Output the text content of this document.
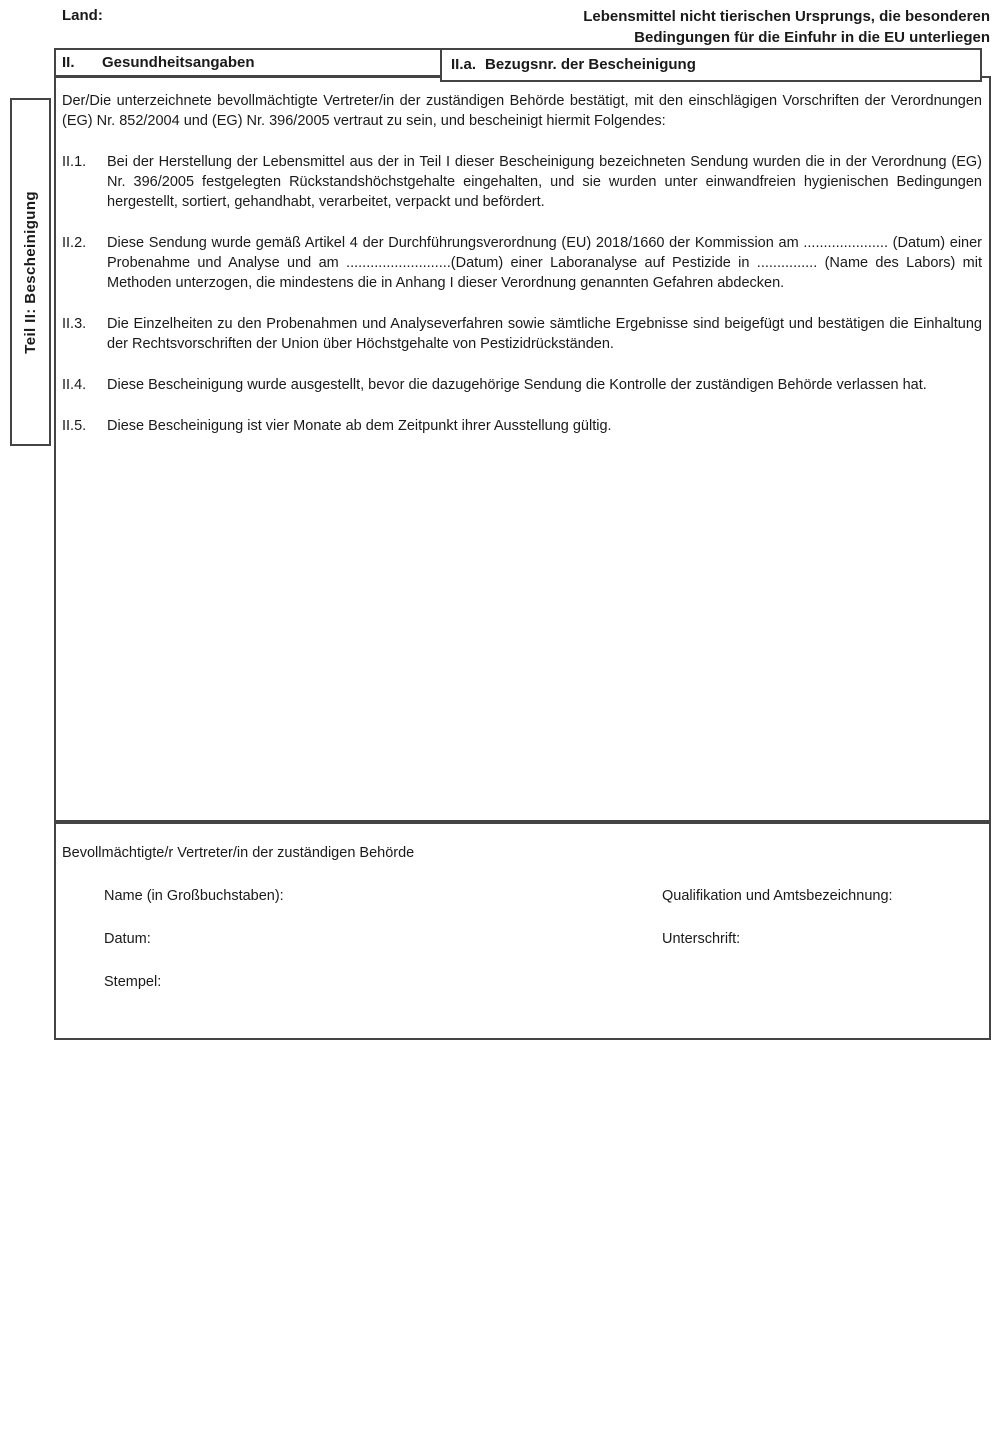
Land:	Lebensmittel nicht tierischen Ursprungs, die besonderen
Bedingungen für die Einfuhr in die EU unterliegen
II.	Gesundheitsangaben	II.a. Bezugsnr. der Bescheinigung
Teil II: Bescheinigung

Der/Die unterzeichnete bevollmächtigte Vertreter/in der zuständigen Behörde bestätigt, mit den einschlägigen Vorschriften der Verordnungen (EG) Nr. 852/2004 und (EG) Nr. 396/2005 vertraut zu sein, und bescheinigt hiermit Folgendes:

II.1. Bei der Herstellung der Lebensmittel aus der in Teil I dieser Bescheinigung bezeichneten Sendung wurden die in der Verordnung (EG) Nr. 396/2005 festgelegten Rückstandshöchstgehalte eingehalten, und sie wurden unter einwandfreien hygienischen Bedingungen hergestellt, sortiert, gehandhabt, verarbeitet, verpackt und befördert.
II.2. Diese Sendung wurde gemäß Artikel 4 der Durchführungsverordnung (EU) 2018/1660 der Kommission am ..................... (Datum) einer Probenahme und Analyse und am ..........................(Datum) einer Laboranalyse auf Pestizide in ............... (Name des Labors) mit Methoden unterzogen, die mindestens die in Anhang I dieser Verordnung genannten Gefahren abdecken.
II.3. Die Einzelheiten zu den Probenahmen und Analyseverfahren sowie sämtliche Ergebnisse sind beigefügt und bestätigen die Einhaltung der Rechtsvorschriften der Union über Höchstgehalte von Pestizidrückständen.
II.4. Diese Bescheinigung wurde ausgestellt, bevor die dazugehörige Sendung die Kontrolle der zuständigen Behörde verlassen hat.
II.5. Diese Bescheinigung ist vier Monate ab dem Zeitpunkt ihrer Ausstellung gültig.

Bevollmächtigte/r Vertreter/in der zuständigen Behörde

Name (in Großbuchstaben):	Qualifikation und Amtsbezeichnung:
Datum:	Unterschrift:
Stempel:
